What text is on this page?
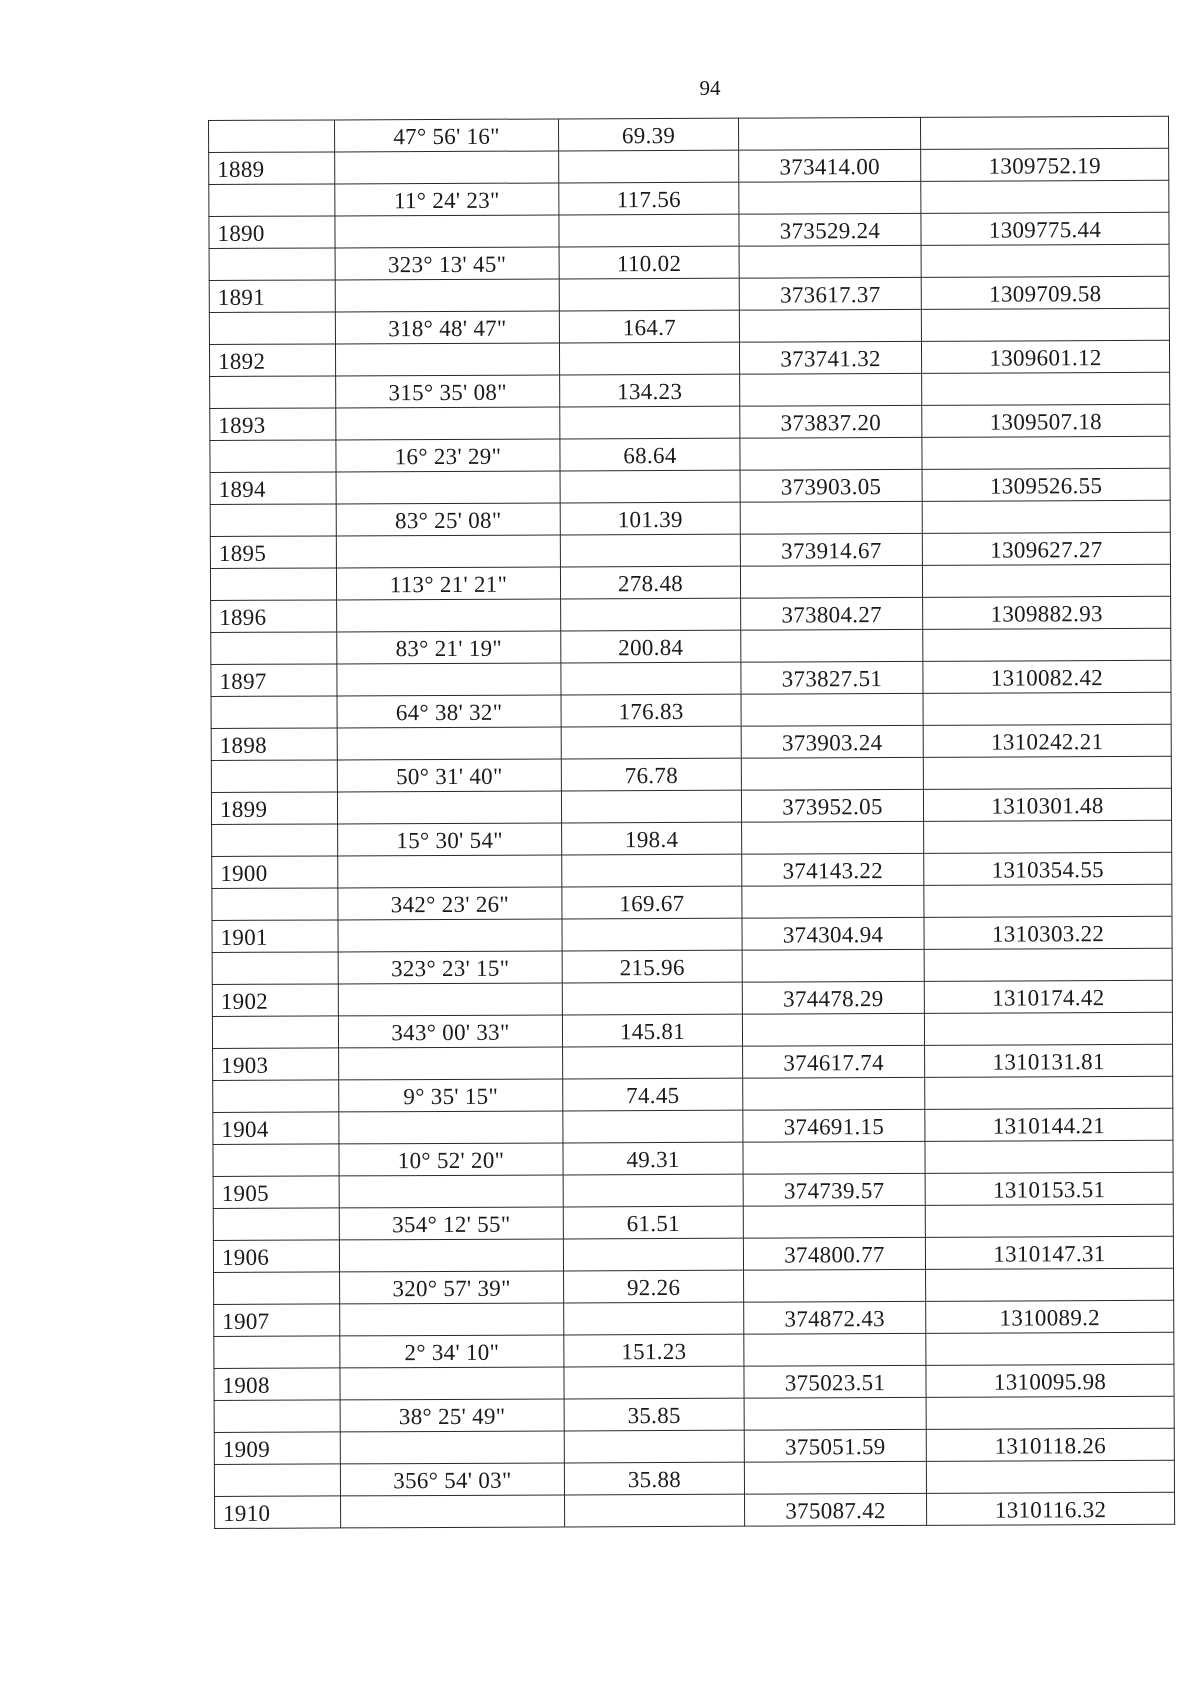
94
	47° 56' 16"	69.39		
1889			373414.00	1309752.19
	11° 24' 23"	117.56		
1890			373529.24	1309775.44
	323° 13' 45"	110.02		
1891			373617.37	1309709.58
	318° 48' 47"	164.7		
1892			373741.32	1309601.12
	315° 35' 08"	134.23		
1893			373837.20	1309507.18
	16° 23' 29"	68.64		
1894			373903.05	1309526.55
	83° 25' 08"	101.39		
1895			373914.67	1309627.27
	113° 21' 21"	278.48		
1896			373804.27	1309882.93
	83° 21' 19"	200.84		
1897			373827.51	1310082.42
	64° 38' 32"	176.83		
1898			373903.24	1310242.21
	50° 31' 40"	76.78		
1899			373952.05	1310301.48
	15° 30' 54"	198.4		
1900			374143.22	1310354.55
	342° 23' 26"	169.67		
1901			374304.94	1310303.22
	323° 23' 15"	215.96		
1902			374478.29	1310174.42
	343° 00' 33"	145.81		
1903			374617.74	1310131.81
	9° 35' 15"	74.45		
1904			374691.15	1310144.21
	10° 52' 20"	49.31		
1905			374739.57	1310153.51
	354° 12' 55"	61.51		
1906			374800.77	1310147.31
	320° 57' 39"	92.26		
1907			374872.43	1310089.2
	2° 34' 10"	151.23		
1908			375023.51	1310095.98
	38° 25' 49"	35.85		
1909			375051.59	1310118.26
	356° 54' 03"	35.88		
1910			375087.42	1310116.32
